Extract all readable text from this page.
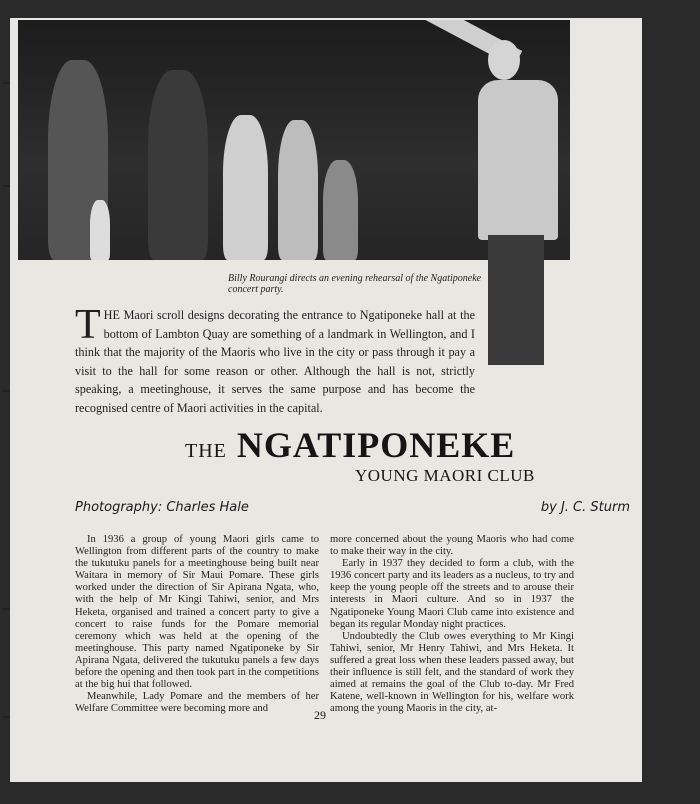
Billy Rourangi directs an evening rehearsal of the Ngatiponeke concert party.
THE Maori scroll designs decorating the entrance to Ngatiponeke hall at the bottom of Lambton Quay are something of a landmark in Wellington, and I think that the majority of the Maoris who live in the city or pass through it pay a visit to the hall for some reason or other. Although the hall is not, strictly speaking, a meetinghouse, it serves the same purpose and has become the recognised centre of Maori activities in the capital.
THE NGATIPONEKE
YOUNG MAORI CLUB
Photography: Charles Hale	by J. C. Sturm

In 1936 a group of young Maori girls came to Wellington from different parts of the country to make the tukutuku panels for a meetinghouse being built near Waitara in memory of Sir Maui Pomare. These girls worked under the direction of Sir Apirana Ngata, who, with the help of Mr Kingi Tahiwi, senior, and Mrs Heketa, organised and trained a concert party to give a concert to raise funds for the Pomare memorial ceremony which was held at the opening of the meetinghouse. This party named Ngatiponeke by Sir Apirana Ngata, delivered the tukutuku panels a few days before the opening and then took part in the competitions at the big hui that followed.

Meanwhile, Lady Pomare and the members of her Welfare Committee were becoming more and

more concerned about the young Maoris who had come to make their way in the city.

Early in 1937 they decided to form a club, with the 1936 concert party and its leaders as a nucleus, to try and keep the young people off the streets and to arouse their interests in Maori culture. And so in 1937 the Ngatiponeke Young Maori Club came into existence and began its regular Monday night practices.

Undoubtedly the Club owes everything to Mr Kingi Tahiwi, senior, Mr Henry Tahiwi, and Mrs Heketa. It suffered a great loss when these leaders passed away, but their influence is still felt, and the standard of work they aimed at remains the goal of the Club to-day. Mr Fred Katene, well-known in Wellington for his, welfare work among the young Maoris in the city, at-

29
